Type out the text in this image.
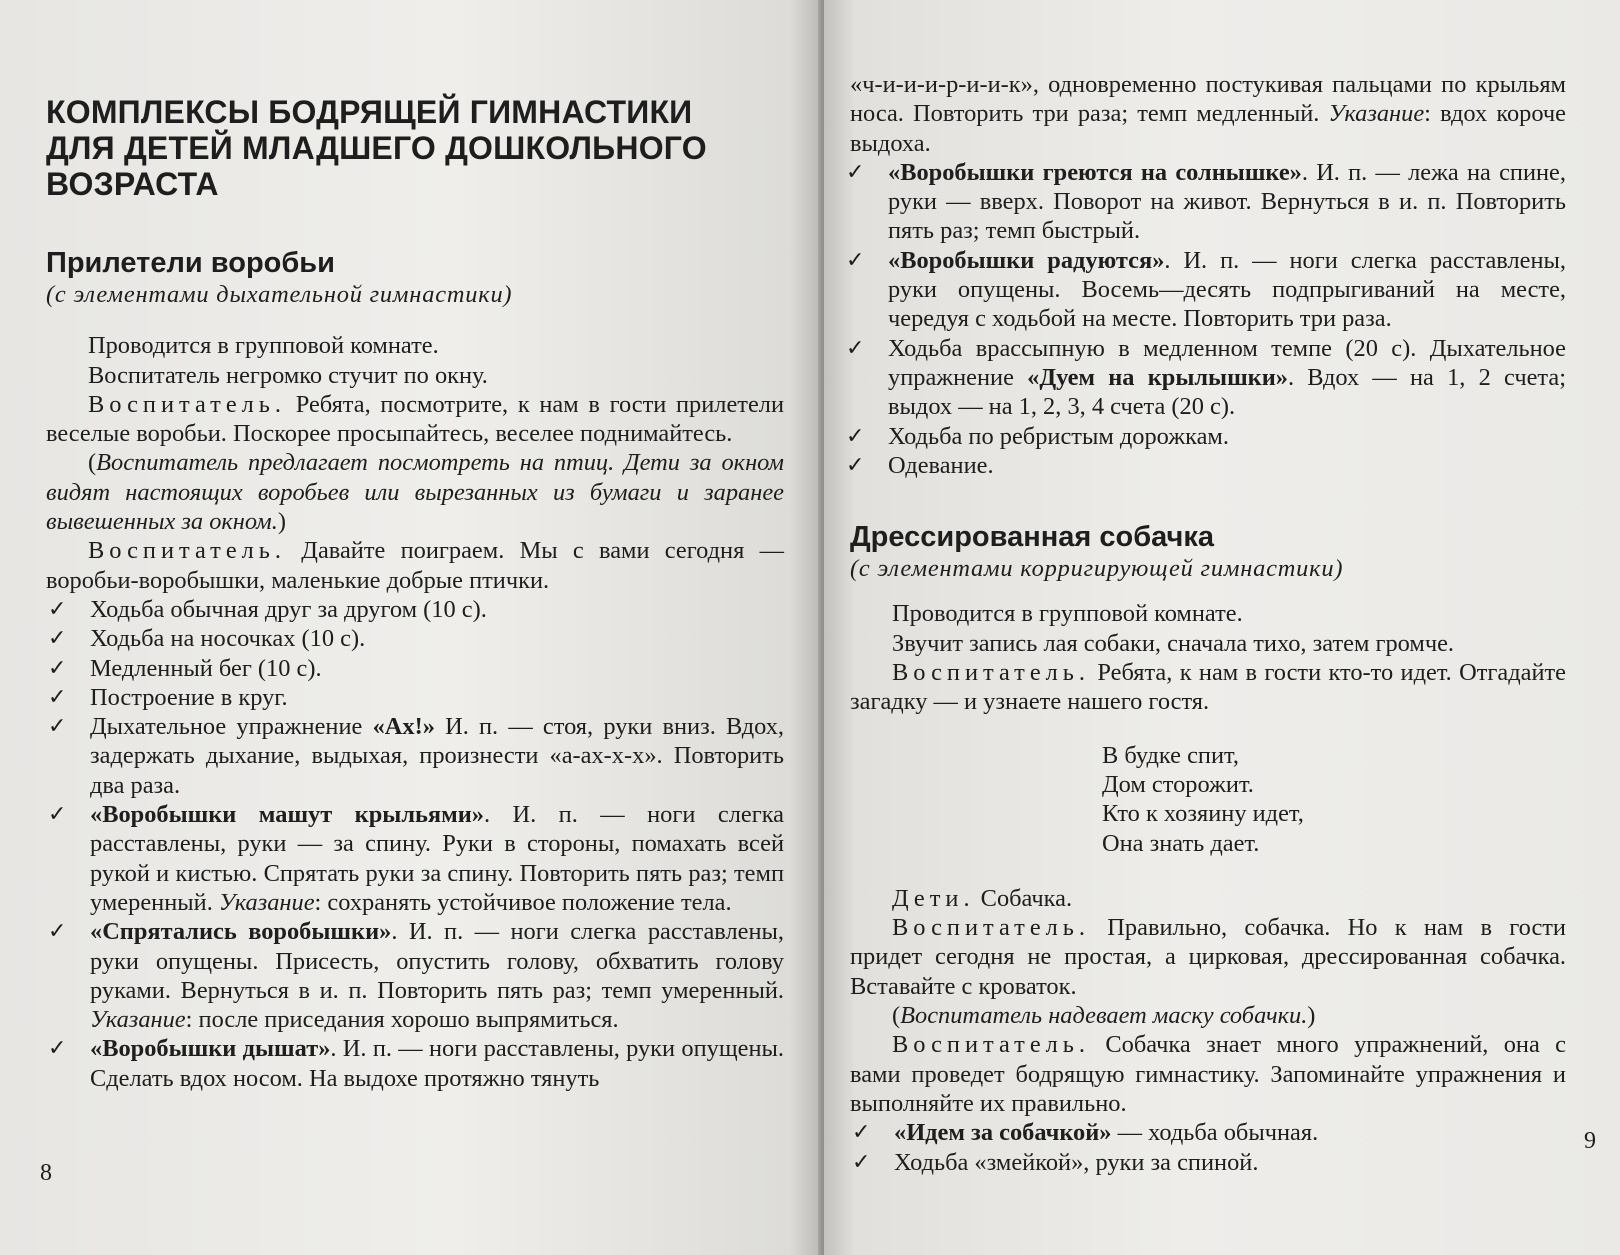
КОМПЛЕКСЫ БОДРЯЩЕЙ ГИМНАСТИКИ

ДЛЯ ДЕТЕЙ МЛАДШЕГО ДОШКОЛЬНОГО

ВОЗРАСТА

Прилетели воробьи

(с элементами дыхательной гимнастики)

Проводится в групповой комнате.

Воспитатель негромко стучит по окну.

Воспитатель. Ребята, посмотрите, к нам в гости прилетели веселые воробьи. Поскорее просыпайтесь, веселее поднимайтесь.

(Воспитатель предлагает посмотреть на птиц. Дети за окном видят настоящих воробьев или вырезанных из бумаги и заранее вывешенных за окном.)

Воспитатель. Давайте поиграем. Мы с вами сегодня — воробьи-воробышки, маленькие добрые птички.

✓ Ходьба обычная друг за другом (10 с).

✓ Ходьба на носочках (10 с).

✓ Медленный бег (10 с).

✓ Построение в круг.

✓ Дыхательное упражнение «Ах!» И. п. — стоя, руки вниз. Вдох, задержать дыхание, выдыхая, произнести «а-ах-х-х». Повторить два раза.

✓ «Воробышки машут крыльями». И. п. — ноги слегка расставлены, руки — за спину. Руки в стороны, помахать всей рукой и кистью. Спрятать руки за спину. Повторить пять раз; темп умеренный. Указание: сохранять устойчивое положение тела.

✓ «Спрятались воробышки». И. п. — ноги слегка расставлены, руки опущены. Присесть, опустить голову, обхватить голову руками. Вернуться в и. п. Повторить пять раз; темп умеренный. Указание: после приседания хорошо выпрямиться.

✓ «Воробышки дышат». И. п. — ноги расставлены, руки опущены. Сделать вдох носом. На выдохе протяжно тянуть

8

«ч-и-и-и-р-и-и-к», одновременно постукивая пальцами по крыльям носа. Повторить три раза; темп медленный. Указание: вдох короче выдоха.

✓ «Воробышки греются на солнышке». И. п. — лежа на спине, руки — вверх. Поворот на живот. Вернуться в и. п. Повторить пять раз; темп быстрый.

✓ «Воробышки радуются». И. п. — ноги слегка расставлены, руки опущены. Восемь—десять подпрыгиваний на месте, чередуя с ходьбой на месте. Повторить три раза.

✓ Ходьба врассыпную в медленном темпе (20 с). Дыхательное упражнение «Дуем на крылышки». Вдох — на 1, 2 счета; выдох — на 1, 2, 3, 4 счета (20 с).

✓ Ходьба по ребристым дорожкам.

✓ Одевание.

Дрессированная собачка

(с элементами корригирующей гимнастики)

Проводится в групповой комнате.

Звучит запись лая собаки, сначала тихо, затем громче.

Воспитатель. Ребята, к нам в гости кто-то идет. Отгадайте загадку — и узнаете нашего гостя.

В будке спит,
Дом сторожит.
Кто к хозяину идет,
Она знать дает.

Дети. Собачка.

Воспитатель. Правильно, собачка. Но к нам в гости придет сегодня не простая, а цирковая, дрессированная собачка. Вставайте с кроваток.

(Воспитатель надевает маску собачки.)

Воспитатель. Собачка знает много упражнений, она с вами проведет бодрящую гимнастику. Запоминайте упражнения и выполняйте их правильно.

✓ «Идем за собачкой» — ходьба обычная.

✓ Ходьба «змейкой», руки за спиной.

9
